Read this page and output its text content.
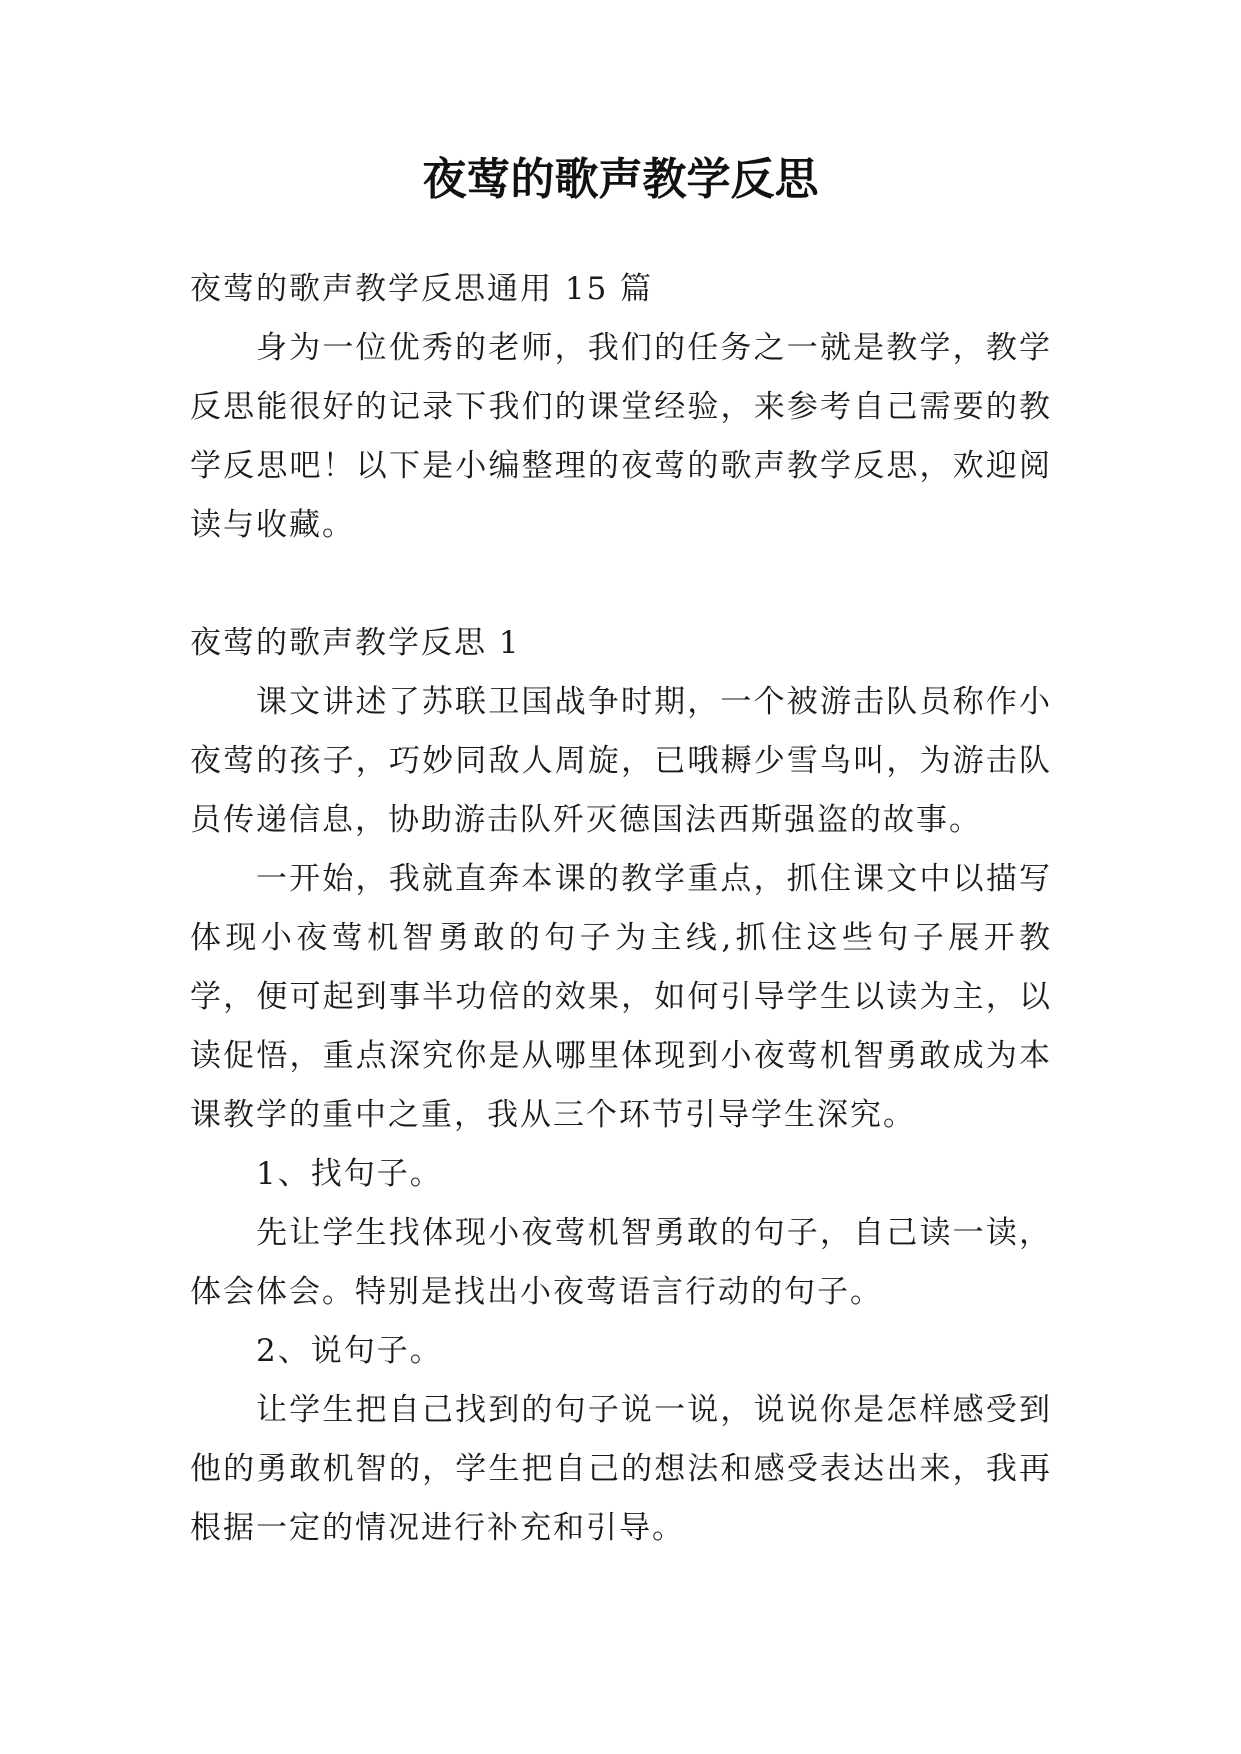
夜莺的歌声教学反思

夜莺的歌声教学反思通用 15 篇

身为一位优秀的老师，我们的任务之一就是教学，教学反思能很好的记录下我们的课堂经验，来参考自己需要的教学反思吧！以下是小编整理的夜莺的歌声教学反思，欢迎阅读与收藏。

夜莺的歌声教学反思 1

课文讲述了苏联卫国战争时期，一个被游击队员称作小夜莺的孩子，巧妙同敌人周旋，已哦耨少雪鸟叫，为游击队员传递信息，协助游击队歼灭德国法西斯强盗的故事。

一开始，我就直奔本课的教学重点，抓住课文中以描写体现小夜莺机智勇敢的句子为主线,抓住这些句子展开教学，便可起到事半功倍的效果，如何引导学生以读为主，以读促悟，重点深究你是从哪里体现到小夜莺机智勇敢成为本课教学的重中之重，我从三个环节引导学生深究。

1、找句子。

先让学生找体现小夜莺机智勇敢的句子，自己读一读，体会体会。特别是找出小夜莺语言行动的句子。

2、说句子。

让学生把自己找到的句子说一说，说说你是怎样感受到他的勇敢机智的，学生把自己的想法和感受表达出来，我再根据一定的情况进行补充和引导。
